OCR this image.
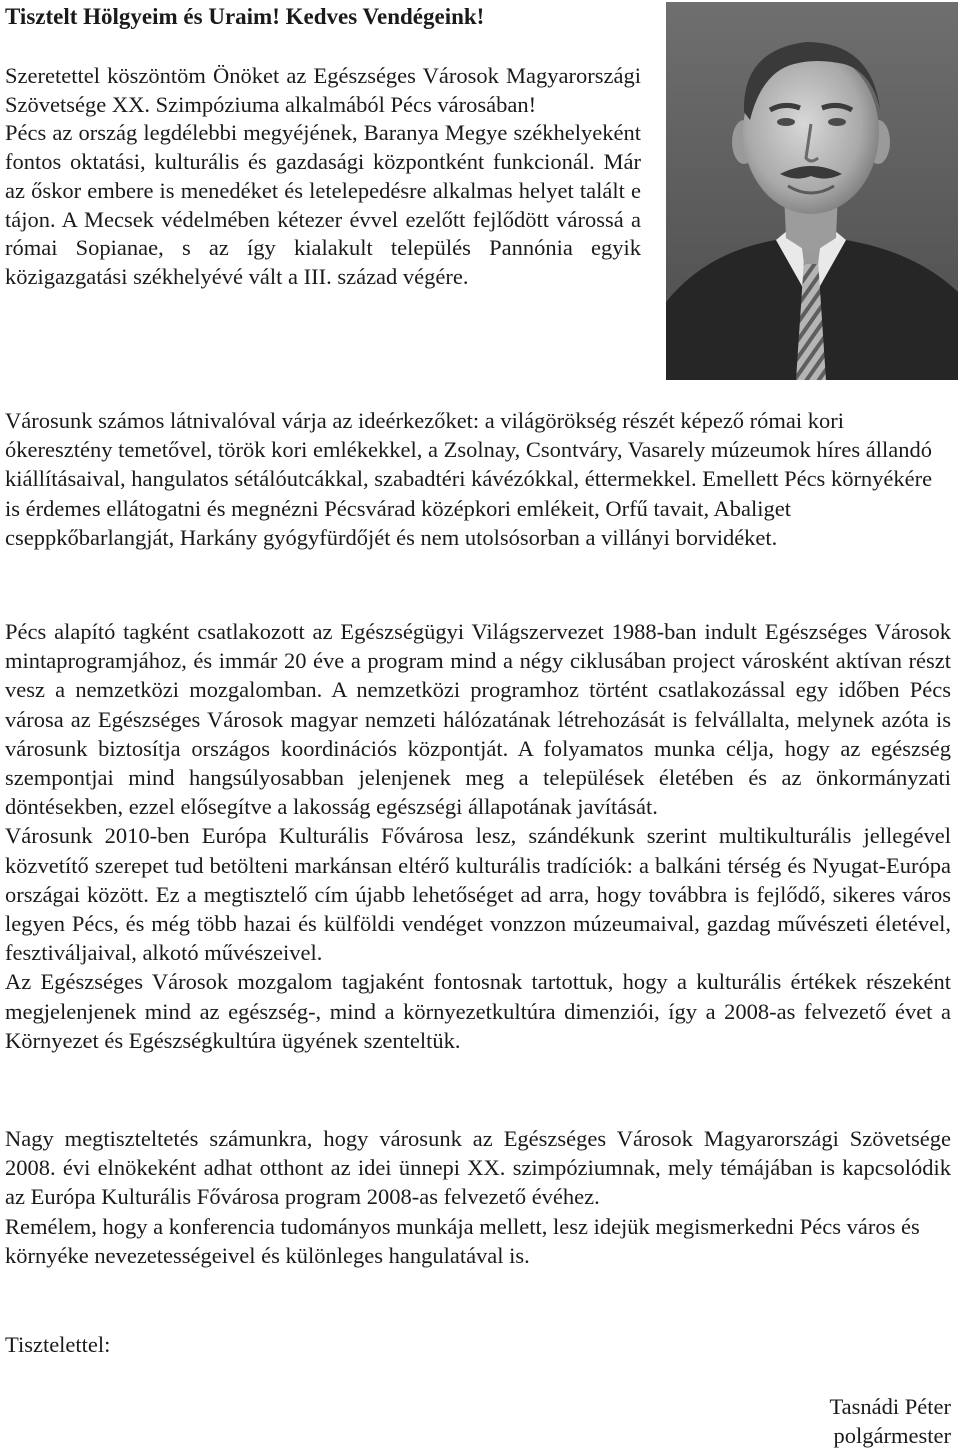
Tisztelt Hölgyeim és Uraim! Kedves Vendégeink!

Szeretettel köszöntöm Önöket az Egészséges Városok Magyarországi Szövetsége XX. Szimpóziuma alkalmából Pécs városában!

Pécs az ország legdélebbi megyéjének, Baranya Megye székhelyeként fontos oktatási, kulturális és gazdasági központként funkcionál. Már az őskor embere is menedéket és letelepedésre alkalmas helyet talált e tájon. A Mecsek védelmében kétezer évvel ezelőtt fejlődött várossá a római Sopianae, s az így kialakult település Pannónia egyik közigazgatási székhelyévé vált a III. század végére.

Városunk számos látnivalóval várja az ideérkezőket: a világörökség részét képező római kori ókeresztény temetővel, török kori emlékekkel, a Zsolnay, Csontváry, Vasarely múzeumok híres állandó kiállításaival, hangulatos sétálóutcákkal, szabadtéri kávézókkal, éttermekkel. Emellett Pécs környékére is érdemes ellátogatni és megnézni Pécsvárad középkori emlékeit, Orfű tavait, Abaliget cseppkőbarlangját, Harkány gyógyfürdőjét és nem utolsósorban a villányi borvidéket.

Pécs alapító tagként csatlakozott az Egészségügyi Világszervezet 1988-ban indult Egészséges Városok mintaprogramjához, és immár 20 éve a program mind a négy ciklusában project városként aktívan részt vesz a nemzetközi mozgalomban. A nemzetközi programhoz történt csatlakozással egy időben Pécs városa az Egészséges Városok magyar nemzeti hálózatának létrehozását is felvállalta, melynek azóta is városunk biztosítja országos koordinációs központját. A folyamatos munka célja, hogy az egészség szempontjai mind hangsúlyosabban jelenjenek meg a települések életében és az önkormányzati döntésekben, ezzel elősegítve a lakosság egészségi állapotának javítását.

Városunk 2010-ben Európa Kulturális Fővárosa lesz, szándékunk szerint multikulturális jellegével közvetítő szerepet tud betölteni markánsan eltérő kulturális tradíciók: a balkáni térség és Nyugat-Európa országai között. Ez a megtisztelő cím újabb lehetőséget ad arra, hogy továbbra is fejlődő, sikeres város legyen Pécs, és még több hazai és külföldi vendéget vonzzon múzeumaival, gazdag művészeti életével, fesztiváljaival, alkotó művészeivel.

Az Egészséges Városok mozgalom tagjaként fontosnak tartottuk, hogy a kulturális értékek részeként megjelenjenek mind az egészség-, mind a környezetkultúra dimenziói, így a 2008-as felvezető évet a Környezet és Egészségkultúra ügyének szenteltük.

Nagy megtiszteltetés számunkra, hogy városunk az Egészséges Városok Magyarországi Szövetsége 2008. évi elnökeként adhat otthont az idei ünnepi XX. szimpóziumnak, mely témájában is kapcsolódik az Európa Kulturális Fővárosa program 2008-as felvezető évéhez.

Remélem, hogy a konferencia tudományos munkája mellett, lesz idejük megismerkedni Pécs város és környéke nevezetességeivel és különleges hangulatával is.

Tisztelettel:
Tasnádi Péter
polgármester
